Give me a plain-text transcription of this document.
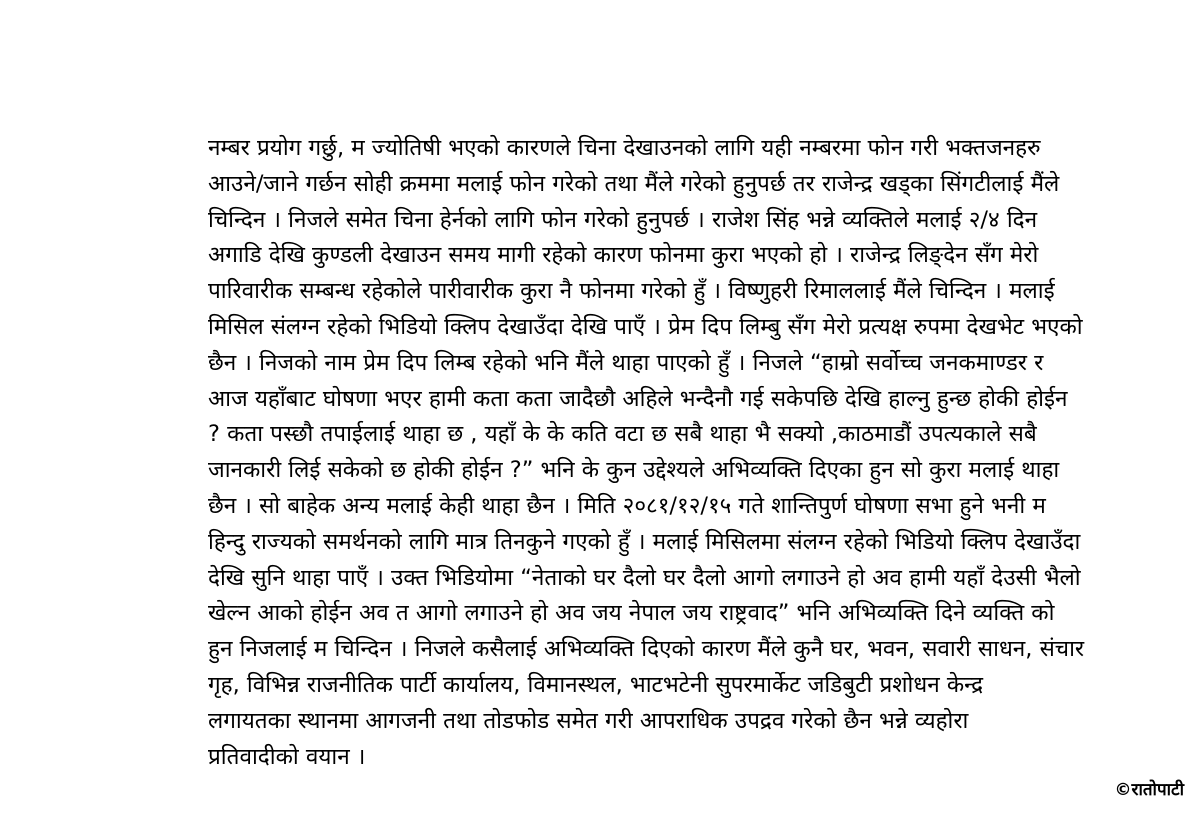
नम्बर प्रयोग गर्छु, म ज्योतिषी भएको कारणले चिना देखाउनको लागि यही नम्बरमा फोन गरी भक्तजनहरु
आउने/जाने गर्छन सोही क्रममा मलाई फोन गरेको तथा मैंले गरेको हुनुपर्छ तर राजेन्द्र खड्का सिंगटीलाई मैंले
चिन्दिन । निजले समेत चिना हेर्नको लागि फोन गरेको हुनुपर्छ । राजेश सिंह भन्ने व्यक्तिले मलाई २/४ दिन
अगाडि देखि कुण्डली देखाउन समय मागी रहेको कारण फोनमा कुरा भएको हो । राजेन्द्र लिङ्देन सँग मेरो
पारिवारीक सम्बन्ध रहेकोले पारीवारीक कुरा नै फोनमा गरेको हुँ । विष्णुहरी रिमाललाई मैंले चिन्दिन । मलाई
मिसिल संलग्न रहेको भिडियो क्लिप देखाउँदा देखि पाएँ । प्रेम दिप लिम्बु सँग मेरो प्रत्यक्ष रुपमा देखभेट भएको
छैन । निजको नाम प्रेम दिप लिम्ब रहेको भनि मैंले थाहा पाएको हुँ । निजले “हाम्रो सर्वोच्च जनकमाण्डर र
आज यहाँबाट घोषणा भएर हामी कता कता जादैछौ अहिले भन्दैनौ गई सकेपछि देखि हाल्नु हुन्छ होकी होईन
? कता पस्छौ तपाईलाई थाहा छ , यहाँ के के कति वटा छ सबै थाहा भै सक्यो ,काठमाडौं उपत्यकाले सबै
जानकारी लिई सकेको छ होकी होईन ?” भनि के कुन उद्देश्यले अभिव्यक्ति दिएका हुन सो कुरा मलाई थाहा
छैन । सो बाहेक अन्य मलाई केही थाहा छैन । मिति २०८१/१२/१५ गते शान्तिपुर्ण घोषणा सभा हुने भनी म
हिन्दु राज्यको समर्थनको लागि मात्र तिनकुने गएको हुँ । मलाई मिसिलमा संलग्न रहेको भिडियो क्लिप देखाउँदा
देखि सुनि थाहा पाएँ । उक्त भिडियोमा “नेताको घर दैलो घर दैलो आगो लगाउने हो अव हामी यहाँ देउसी भैलो
खेल्न आको होईन अव त आगो लगाउने हो अव जय नेपाल जय राष्ट्रवाद” भनि अभिव्यक्ति दिने व्यक्ति को
हुन निजलाई म चिन्दिन । निजले कसैलाई अभिव्यक्ति दिएको कारण मैंले कुनै घर, भवन, सवारी साधन, संचार
गृह, विभिन्न राजनीतिक पार्टी कार्यालय, विमानस्थल, भाटभटेनी सुपरमार्केट जडिबुटी प्रशोधन केन्द्र
लगायतका स्थानमा आगजनी तथा तोडफोड समेत गरी आपराधिक उपद्रव गरेको छैन भन्ने व्यहोरा
प्रतिवादीको वयान ।
©रातोपाटी
